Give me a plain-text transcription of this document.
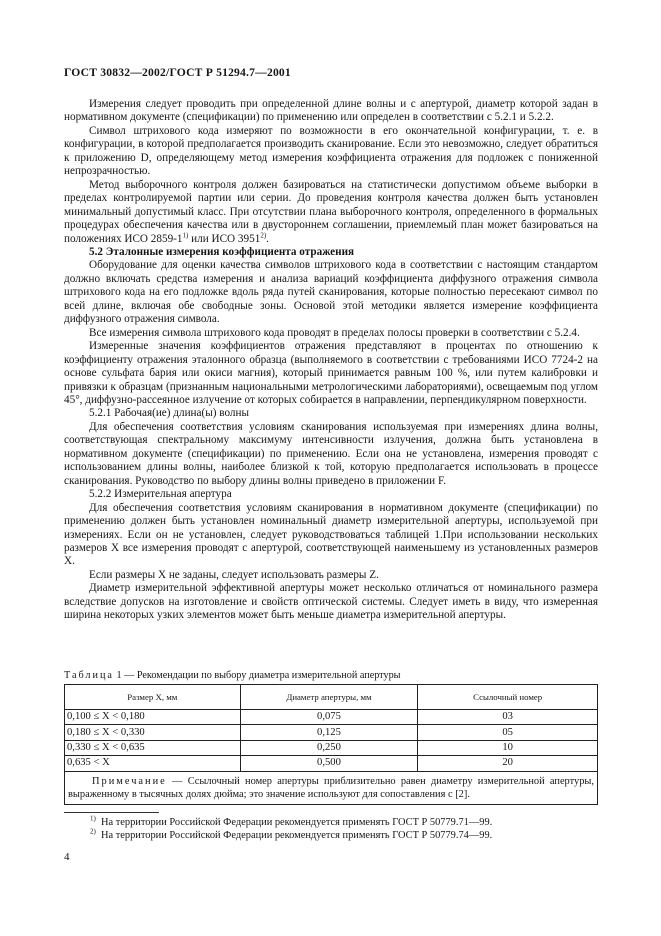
ГОСТ 30832—2002/ГОСТ Р 51294.7—2001

Измерения следует проводить при определенной длине волны и с апертурой, диаметр которой задан в нормативном документе (спецификации) по применению или определен в соответствии с 5.2.1 и 5.2.2.

Символ штрихового кода измеряют по возможности в его окончательной конфигурации, т. е. в конфигурации, в которой предполагается производить сканирование. Если это невозможно, следует обратиться к приложению D, определяющему метод измерения коэффициента отражения для подложек с пониженной непрозрачностью.

Метод выборочного контроля должен базироваться на статистически допустимом объеме выборки в пределах контролируемой партии или серии. До проведения контроля качества должен быть установлен минимальный допустимый класс. При отсутствии плана выборочного контроля, определенного в формальных процедурах обеспечения качества или в двустороннем соглашении, приемлемый план может базироваться на положениях ИСО 2859-1$^{1)}$ или ИСО 3951$^{2)}$.

5.2 Эталонные измерения коэффициента отражения

Оборудование для оценки качества символов штрихового кода в соответствии с настоящим стандартом должно включать средства измерения и анализа вариаций коэффициента диффузного отражения символа штрихового кода на его подложке вдоль ряда путей сканирования, которые полностью пересекают символ по всей длине, включая обе свободные зоны. Основой этой методики является измерение коэффициента диффузного отражения символа.

Все измерения символа штрихового кода проводят в пределах полосы проверки в соответствии с 5.2.4.

Измеренные значения коэффициентов отражения представляют в процентах по отношению к коэффициенту отражения эталонного образца (выполняемого в соответствии с требованиями ИСО 7724-2 на основе сульфата бария или окиси магния), который принимается равным 100 %, или путем калибровки и привязки к образцам (признанным национальными метрологическими лабораториями), освещаемым под углом 45°, диффузно-рассеянное излучение от которых собирается в направлении, перпендикулярном поверхности.

5.2.1 Рабочая(ие) длина(ы) волны

Для обеспечения соответствия условиям сканирования используемая при измерениях длина волны, соответствующая спектральному максимуму интенсивности излучения, должна быть установлена в нормативном документе (спецификации) по применению. Если она не установлена, измерения проводят с использованием длины волны, наиболее близкой к той, которую предполагается использовать в процессе сканирования. Руководство по выбору длины волны приведено в приложении F.

5.2.2 Измерительная апертура

Для обеспечения соответствия условиям сканирования в нормативном документе (спецификации) по применению должен быть установлен номинальный диаметр измерительной апертуры, используемой при измерениях. Если он не установлен, следует руководствоваться таблицей 1.При использовании нескольких размеров X все измерения проводят с апертурой, соответствующей наименьшему из установленных размеров X.

Если размеры X не заданы, следует использовать размеры Z.

Диаметр измерительной эффективной апертуры может несколько отличаться от номинального размера вследствие допусков на изготовление и свойств оптической системы. Следует иметь в виду, что измеренная ширина некоторых узких элементов может быть меньше диаметра измерительной апертуры.

Таблица 1 — Рекомендации по выбору диаметра измерительной апертуры
Размер X, мм	Диаметр апертуры, мм	Ссылочный номер
0,100 ≤ X < 0,180	0,075	03
0,180 ≤ X < 0,330	0,125	05
0,330 ≤ X < 0,635	0,250	10
0,635 < X	0,500	20
Примечание — Ссылочный номер апертуры приблизительно равен диаметру измерительной апертуры, выраженному в тысячных долях дюйма; это значение используют для сопоставления с [2].		
$^{1)}$ На территории Российской Федерации рекомендуется применять ГОСТ Р 50779.71—99.
$^{2)}$ На территории Российской Федерации рекомендуется применять ГОСТ Р 50779.74—99.
4
